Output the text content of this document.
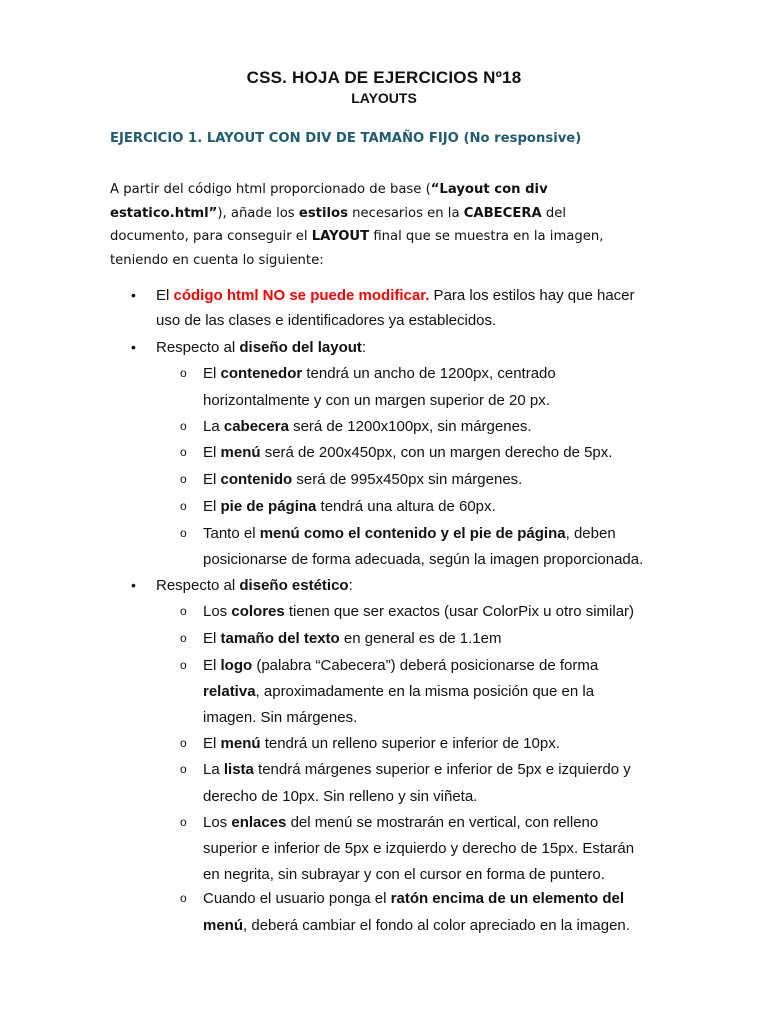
CSS. HOJA DE EJERCICIOS Nº18
LAYOUTS
EJERCICIO 1. LAYOUT CON DIV DE TAMAÑO FIJO (No responsive)

A partir del código html proporcionado de base (“Layout con div

estatico.html”), añade los estilos necesarios en la CABECERA del

documento, para conseguir el LAYOUT final que se muestra en la imagen,

teniendo en cuenta lo siguiente:

• El código html NO se puede modificar. Para los estilos hay que hacer
uso de las clases e identificadores ya establecidos.
• Respecto al diseño del layout:
o El contenedor tendrá un ancho de 1200px, centrado
horizontalmente y con un margen superior de 20 px.
o La cabecera será de 1200x100px, sin márgenes.
o El menú será de 200x450px, con un margen derecho de 5px.
o El contenido será de 995x450px sin márgenes.
o El pie de página tendrá una altura de 60px.
o Tanto el menú como el contenido y el pie de página, deben
posicionarse de forma adecuada, según la imagen proporcionada.
• Respecto al diseño estético:
o Los colores tienen que ser exactos (usar ColorPix u otro similar)
o El tamaño del texto en general es de 1.1em
o El logo (palabra “Cabecera”) deberá posicionarse de forma
relativa, aproximadamente en la misma posición que en la
imagen. Sin márgenes.
o El menú tendrá un relleno superior e inferior de 10px.
o La lista tendrá márgenes superior e inferior de 5px e izquierdo y
derecho de 10px. Sin relleno y sin viñeta.
o Los enlaces del menú se mostrarán en vertical, con relleno
superior e inferior de 5px e izquierdo y derecho de 15px. Estarán
en negrita, sin subrayar y con el cursor en forma de puntero.
o Cuando el usuario ponga el ratón encima de un elemento del
menú, deberá cambiar el fondo al color apreciado en la imagen.
